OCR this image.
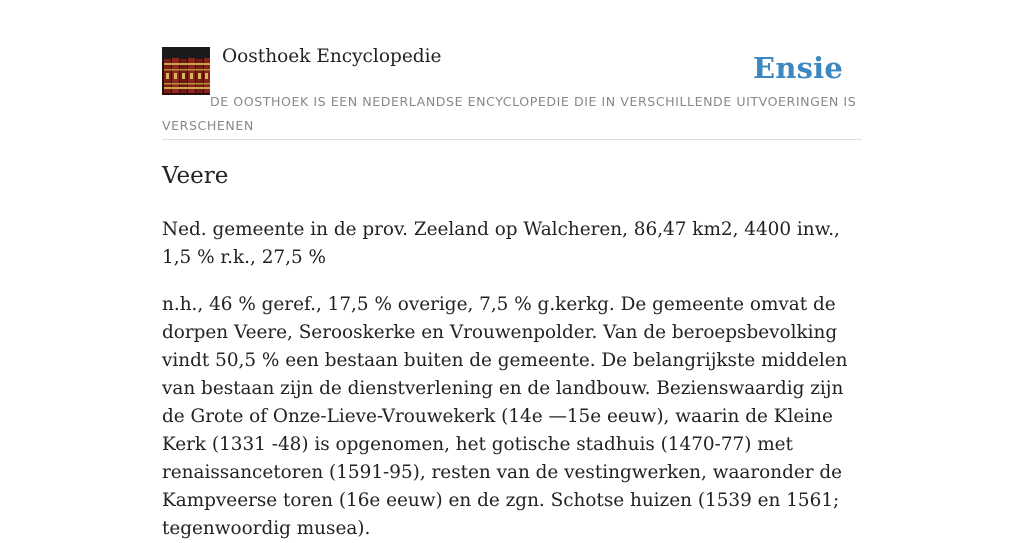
Oosthoek Encyclopedie	Ensie
DE OOSTHOEK IS EEN NEDERLANDSE ENCYCLOPEDIE DIE IN VERSCHILLENDE UITVOERINGEN IS VERSCHENEN
Veere

Ned. gemeente in de prov. Zeeland op Walcheren, 86,47 km2, 4400 inw., 1,5 % r.k., 27,5 %

n.h., 46 % geref., 17,5 % overige, 7,5 % g.kerkg. De gemeente omvat de dorpen Veere, Serooskerke en Vrouwenpolder. Van de beroepsbevolking vindt 50,5 % een bestaan buiten de gemeente. De belangrijkste middelen van bestaan zijn de dienstverlening en de landbouw. Bezienswaardig zijn de Grote of Onze-Lieve-Vrouwekerk (14e —15e eeuw), waarin de Kleine Kerk (1331 -48) is opgenomen, het gotische stadhuis (1470-77) met renaissancetoren (1591-95), resten van de vestingwerken, waaronder de Kampveerse toren (16e eeuw) en de zgn. Schotse huizen (1539 en 1561; tegenwoordig musea).
